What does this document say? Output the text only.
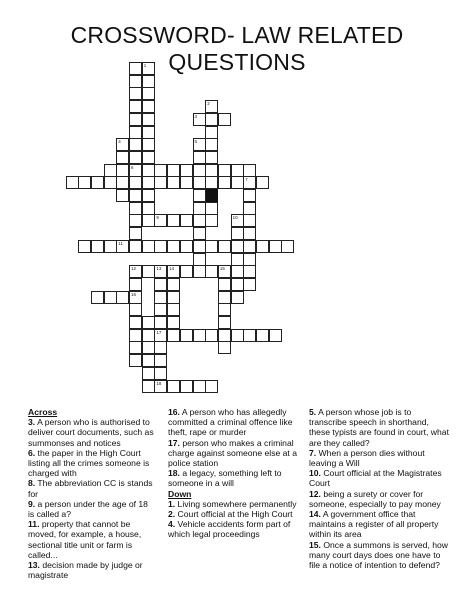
CROSSWORD- LAW RELATED QUESTIONS
6
1
2
3
4	5
7
9	10
11
12
16
13
17
14	15
18
Across
3. A person who is authorised to deliver court documents, such as summonses and notices
6. the paper in the High Court listing all the crimes someone is charged with
8. The abbreviation CC is stands for
9. a person under the age of 18 is called a?
11. property that cannot be moved, for example, a house, sectional title unit or farm is called...
13. decision made by judge or magistrate
16. A person who has allegedly committed a criminal offence like theft, rape or murder
17. person who makes a criminal charge against someone else at a police station
18. a legacy, something left to someone in a will
Down
1. Living somewhere permanently
2. Court official at the High Court
4. Vehicle accidents form part of which legal proceedings
5. A person whose job is to transcribe speech in shorthand, these typists are found in court, what are they called?
7. When a person dies without leaving a Will
10. Court official at the Magistrates Court
12. being a surety or cover for someone, especially to pay money
14. A government office that maintains a register of all property within its area
15. Once a summons is served, how many court days does one have to file a notice of intention to defend?
